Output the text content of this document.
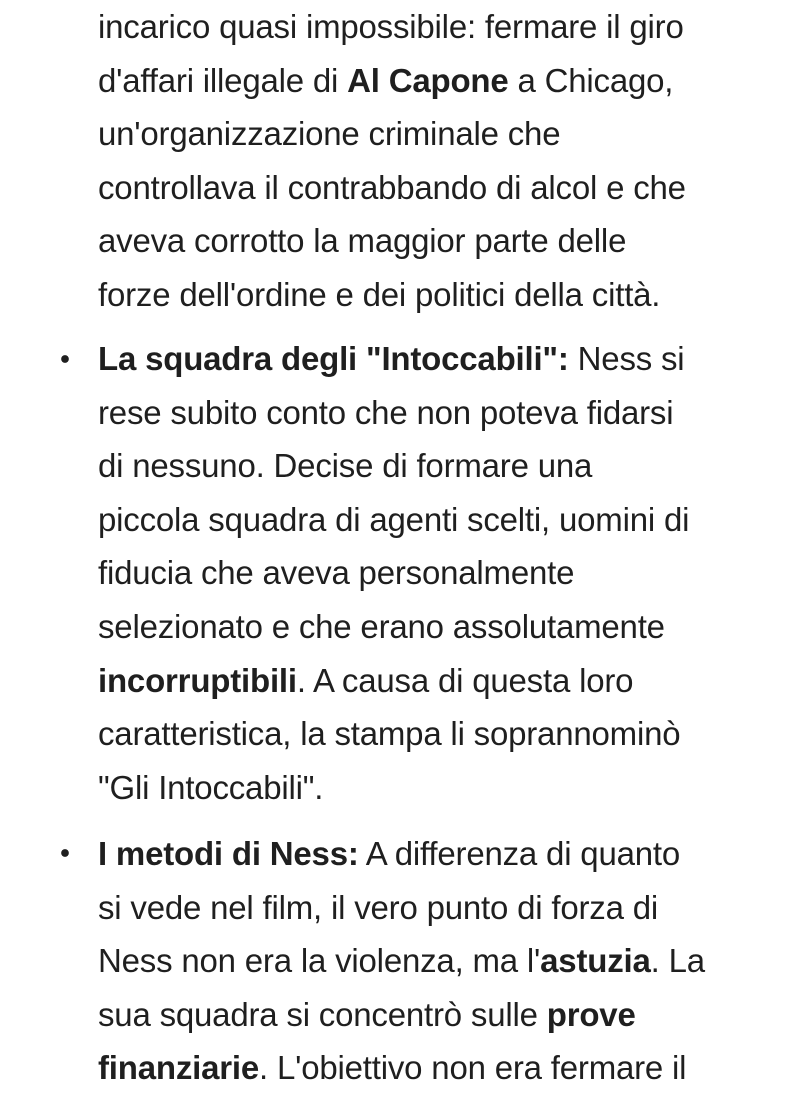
incarico quasi impossibile: fermare il giro
d'affari illegale di Al Capone a Chicago,
un'organizzazione criminale che
controllava il contrabbando di alcol e che
aveva corrotto la maggior parte delle
forze dell'ordine e dei politici della città.
La squadra degli "Intoccabili": Ness si
rese subito conto che non poteva fidarsi
di nessuno. Decise di formare una
piccola squadra di agenti scelti, uomini di
fiducia che aveva personalmente
selezionato e che erano assolutamente
incorruptibili. A causa di questa loro
caratteristica, la stampa li soprannominò
"Gli Intoccabili".
I metodi di Ness: A differenza di quanto
si vede nel film, il vero punto di forza di
Ness non era la violenza, ma l'astuzia. La
sua squadra si concentrò sulle prove
finanziarie. L'obiettivo non era fermare il
